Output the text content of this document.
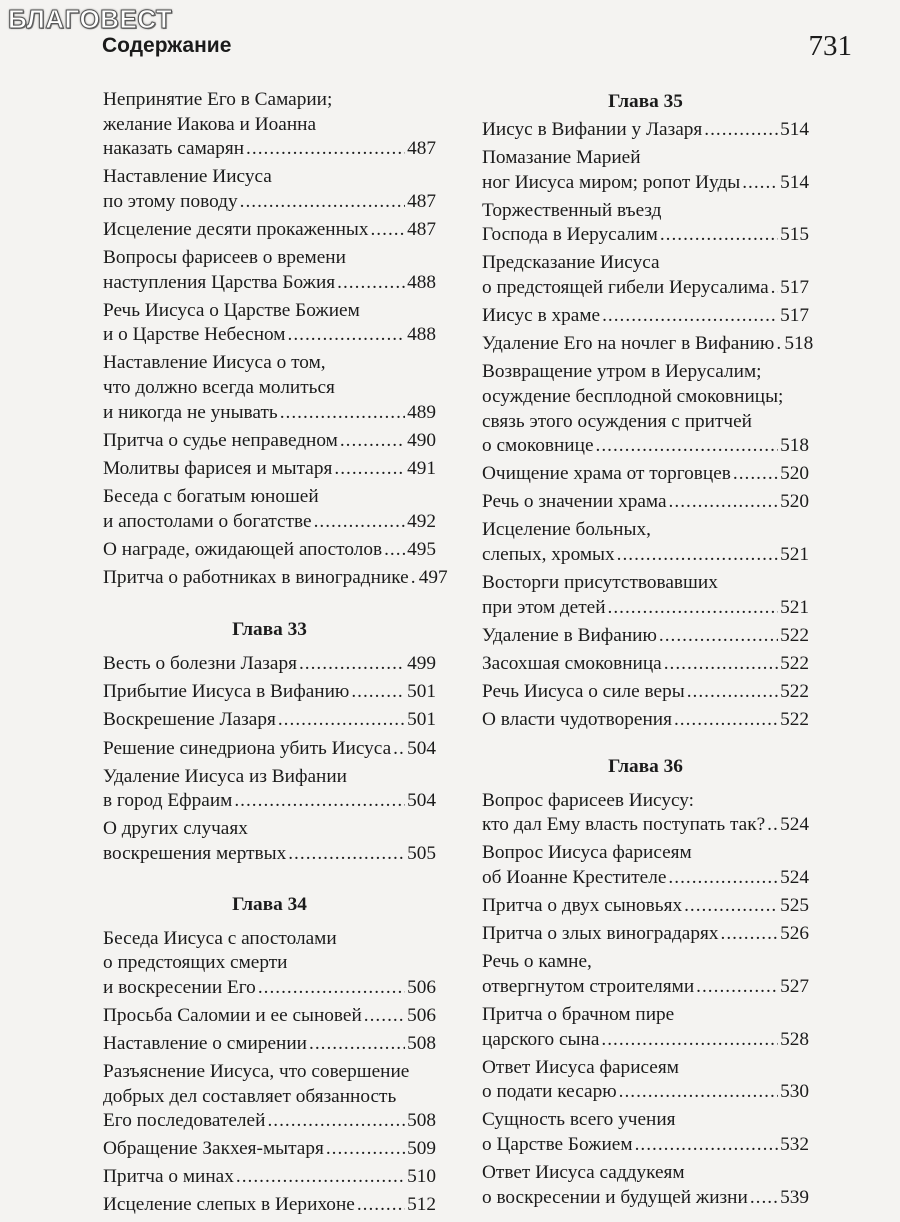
БЛАГОВЕСТ
Содержание	731
Непринятие Его в Самарии;
желание Иакова и Иоанна
наказать самарян .....	487
Наставление Иисуса
по этому поводу .....	487
Исцеление десяти прокаженных ..... 487
Вопросы фарисеев о времени
наступления Царства Божия .....	488
Речь Иисуса о Царстве Божием
и о Царстве Небесном .....	488
Наставление Иисуса о том,
что должно всегда молиться
и никогда не унывать .....	489
Притча о судье неправедном .....	490
Молитвы фарисея и мытаря .....	491
Беседа с богатым юношей
и апостолами о богатстве .....	492
О награде, ожидающей апостолов ..... 495
Притча о работниках в винограднике ..... 497
Глава 33
Весть о болезни Лазаря .....	499
Прибытие Иисуса в Вифанию .....	501
Воскрешение Лазаря .....	501
Решение синедриона убить Иисуса ..... 504
Удаление Иисуса из Вифании
в город Ефраим .....	504
О других случаях
воскрешения мертвых .....	505
Глава 34
Беседа Иисуса с апостолами
о предстоящих смерти
и воскресении Его .....	506
Просьба Саломии и ее сыновей ..... 506
Наставление о смирении .....	508
Разъяснение Иисуса, что совершение
добрых дел составляет обязанность
Его последователей .....	508
Обращение Закхея-мытаря .....	509
Притча о минах .....	510
Исцеление слепых в Иерихоне .....	512
Глава 35
Иисус в Вифании у Лазаря .....	514
Помазание Марией
ног Иисуса миром; ропот Иуды ..... 514
Торжественный въезд
Господа в Иерусалим .....	515
Предсказание Иисуса
о предстоящей гибели Иерусалима ..... 517
Иисус в храме .....	517
Удаление Его на ночлег в Вифанию ..... 518
Возвращение утром в Иерусалим;
осуждение бесплодной смоковницы;
связь этого осуждения с притчей
о смоковнице .....	518
Очищение храма от торговцев .....	520
Речь о значении храма .....	520
Исцеление больных,
слепых, хромых .....	521
Восторги присутствовавших
при этом детей .....	521
Удаление в Вифанию .....	522
Засохшая смоковница .....	522
Речь Иисуса о силе веры .....	522
О власти чудотворения .....	522
Глава 36
Вопрос фарисеев Иисусу:
кто дал Ему власть поступать так? ..... 524
Вопрос Иисуса фарисеям
об Иоанне Крестителе .....	524
Притча о двух сыновьях .....	525
Притча о злых виноградарях .....	526
Речь о камне,
отвергнутом строителями .....	527
Притча о брачном пире
царского сына .....	528
Ответ Иисуса фарисеям
о подати кесарю .....	530
Сущность всего учения
о Царстве Божием .....	532
Ответ Иисуса саддукеям
о воскресении и будущей жизни ..... 539
